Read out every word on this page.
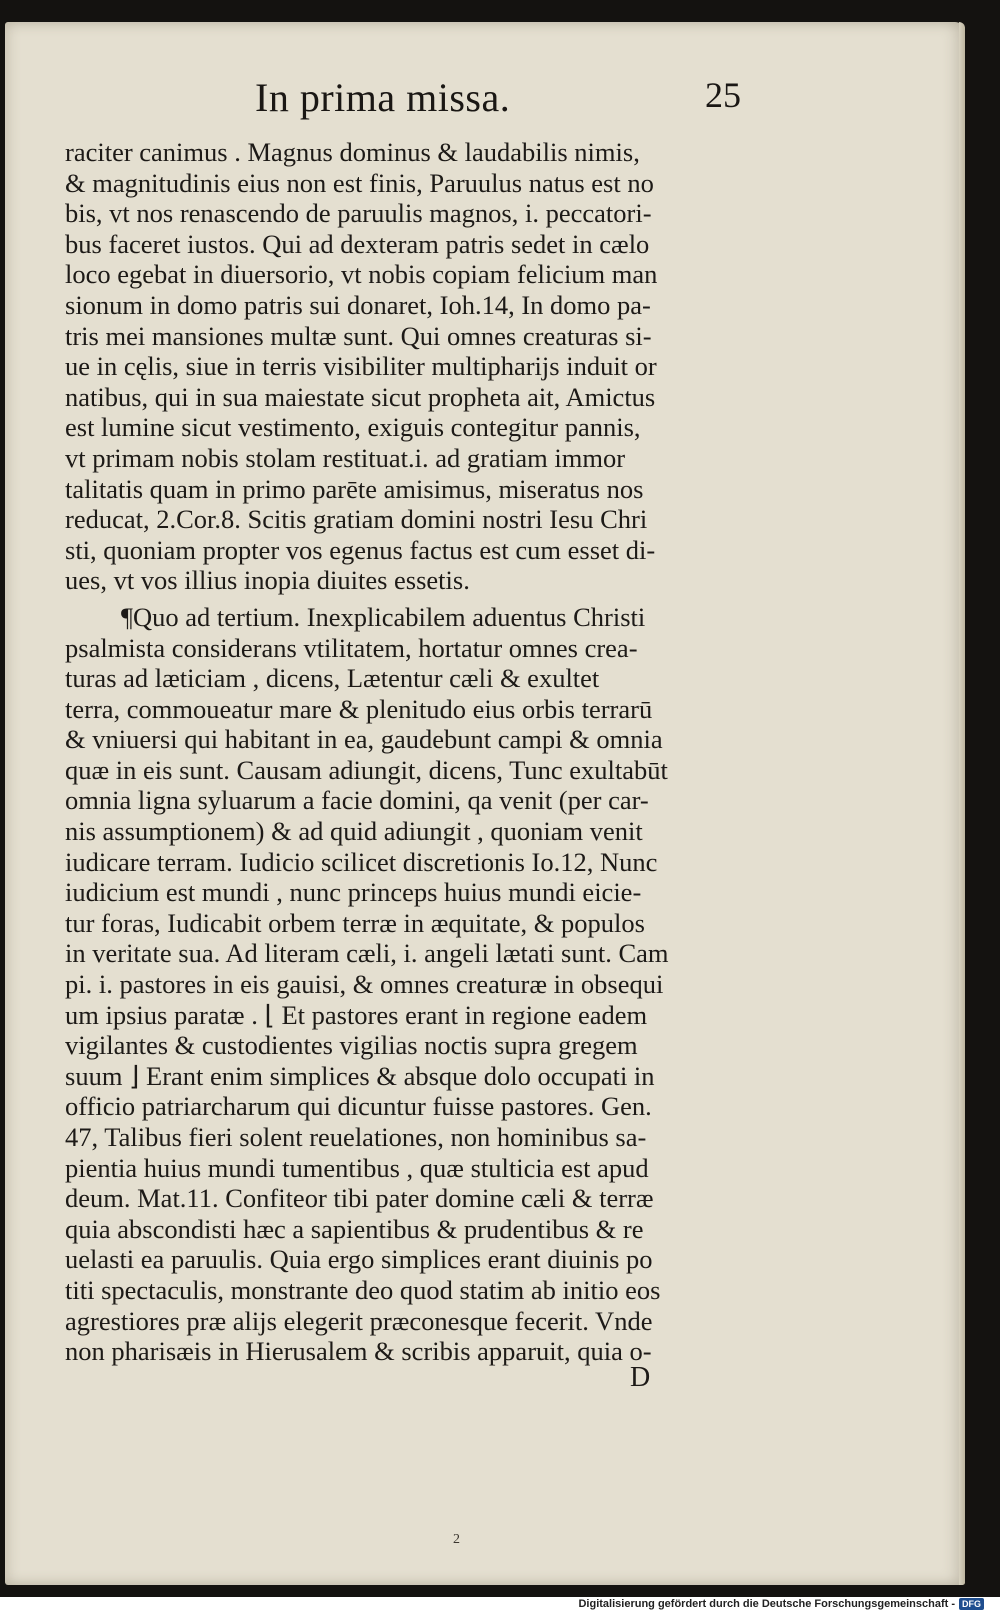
In prima missa.	25
raciter canimus . Magnus dominus & laudabilis nimis,
& magnitudinis eius non est finis, Paruulus natus est no
bis, vt nos renascendo de paruulis magnos, i. peccatori-
bus faceret iustos. Qui ad dexteram patris sedet in cælo
loco egebat in diuersorio, vt nobis copiam felicium man
sionum in domo patris sui donaret, Ioh.14, In domo pa-
tris mei mansiones multæ sunt. Qui omnes creaturas si-
ue in cęlis, siue in terris visibiliter multipharijs induit or
natibus, qui in sua maiestate sicut propheta ait, Amictus
est lumine sicut vestimento, exiguis contegitur pannis,
vt primam nobis stolam restituat.i. ad gratiam immor
talitatis quam in primo parēte amisimus, miseratus nos
reducat, 2.Cor.8. Scitis gratiam domini nostri Iesu Chri
sti, quoniam propter vos egenus factus est cum esset di-
ues, vt vos illius inopia diuites essetis.
¶Quo ad tertium. Inexplicabilem aduentus Christi
psalmista considerans vtilitatem, hortatur omnes crea-
turas ad læticiam , dicens, Lætentur cæli & exultet
terra, commoueatur mare & plenitudo eius orbis terrarū
& vniuersi qui habitant in ea, gaudebunt campi & omnia
quæ in eis sunt. Causam adiungit, dicens, Tunc exultabūt
omnia ligna syluarum a facie domini, qa venit (per car-
nis assumptionem) & ad quid adiungit , quoniam venit
iudicare terram. Iudicio scilicet discretionis Io.12, Nunc
iudicium est mundi , nunc princeps huius mundi eicie-
tur foras, Iudicabit orbem terræ in æquitate, & populos
in veritate sua. Ad literam cæli, i. angeli lætati sunt. Cam
pi. i. pastores in eis gauisi, & omnes creaturæ in obsequi
um ipsius paratæ . ⌊ Et pastores erant in regione eadem
vigilantes & custodientes vigilias noctis supra gregem
suum ⌋ Erant enim simplices & absque dolo occupati in
officio patriarcharum qui dicuntur fuisse pastores. Gen.
47, Talibus fieri solent reuelationes, non hominibus sa-
pientia huius mundi tumentibus , quæ stulticia est apud
deum. Mat.11. Confiteor tibi pater domine cæli & terræ
quia abscondisti hæc a sapientibus & prudentibus & re
uelasti ea paruulis. Quia ergo simplices erant diuinis po
titi spectaculis, monstrante deo quod statim ab initio eos
agrestiores præ alijs elegerit præconesque fecerit. Vnde
non pharisæis in Hierusalem & scribis apparuit, quia o-
D
2
Digitalisierung gefördert durch die Deutsche Forschungsgemeinschaft - DFG
